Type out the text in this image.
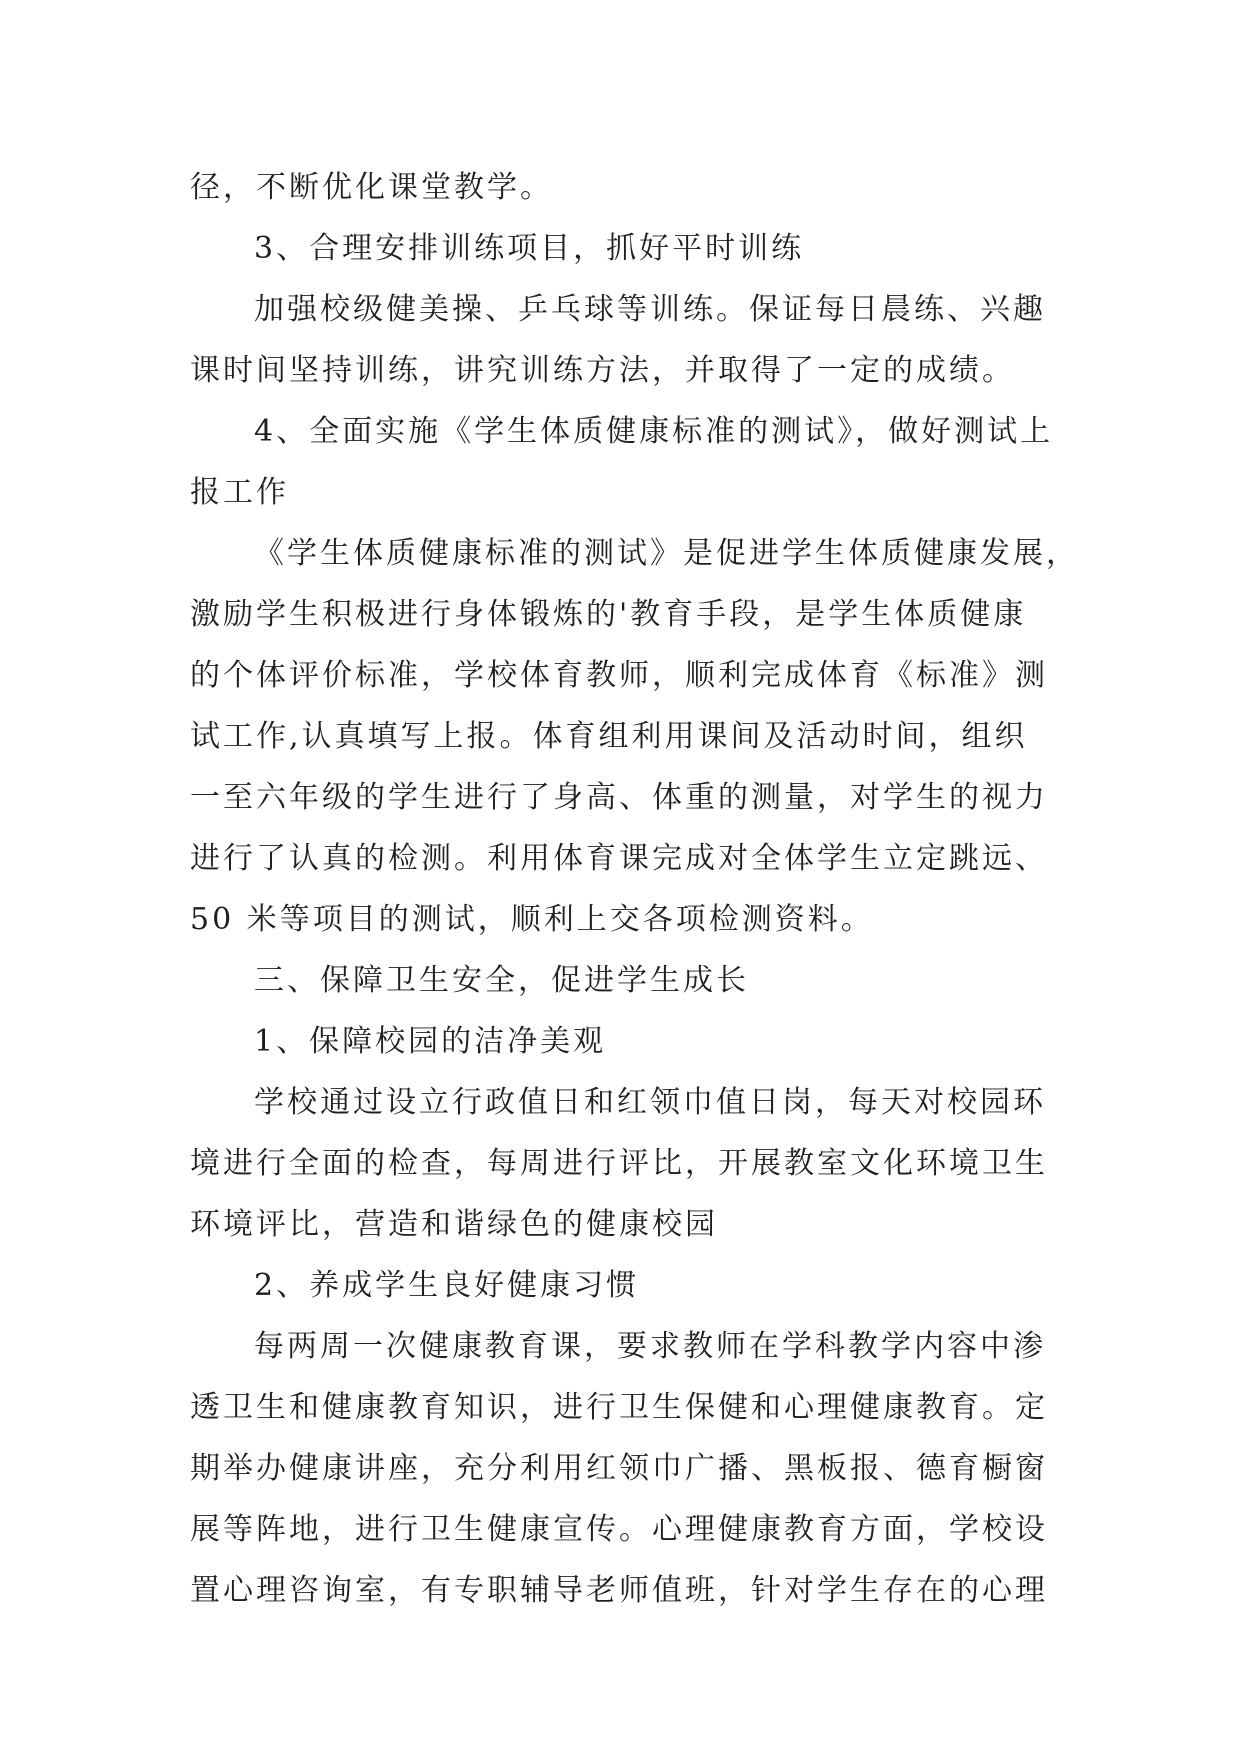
径，不断优化课堂教学。
3、合理安排训练项目，抓好平时训练
加强校级健美操、乒乓球等训练。保证每日晨练、兴趣
课时间坚持训练，讲究训练方法，并取得了一定的成绩。
4、全面实施《学生体质健康标准的测试》，做好测试上
报工作
《学生体质健康标准的测试》是促进学生体质健康发展，
激励学生积极进行身体锻炼的'教育手段，是学生体质健康
的个体评价标准，学校体育教师，顺利完成体育《标准》测
试工作,认真填写上报。体育组利用课间及活动时间，组织
一至六年级的学生进行了身高、体重的测量，对学生的视力
进行了认真的检测。利用体育课完成对全体学生立定跳远、
50 米等项目的测试，顺利上交各项检测资料。
三、保障卫生安全，促进学生成长
1、保障校园的洁净美观
学校通过设立行政值日和红领巾值日岗，每天对校园环
境进行全面的检查，每周进行评比，开展教室文化环境卫生
环境评比，营造和谐绿色的健康校园
2、养成学生良好健康习惯
每两周一次健康教育课，要求教师在学科教学内容中渗
透卫生和健康教育知识，进行卫生保健和心理健康教育。定
期举办健康讲座，充分利用红领巾广播、黑板报、德育橱窗
展等阵地，进行卫生健康宣传。心理健康教育方面，学校设
置心理咨询室，有专职辅导老师值班，针对学生存在的心理
